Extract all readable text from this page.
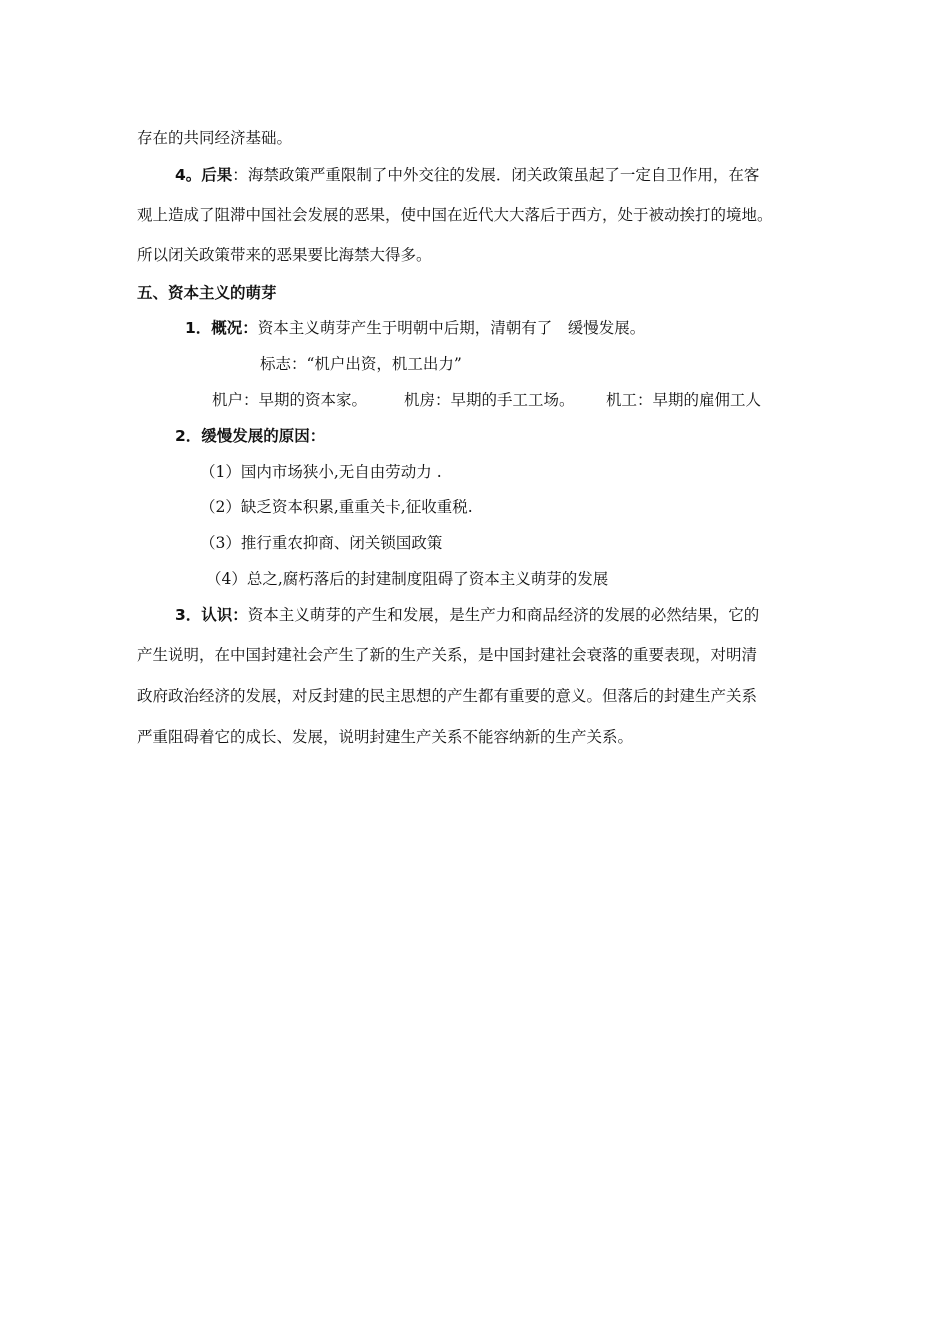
存在的共同经济基础。
4。后果：海禁政策严重限制了中外交往的发展．闭关政策虽起了一定自卫作用，在客
观上造成了阻滞中国社会发展的恶果，使中国在近代大大落后于西方，处于被动挨打的境地。
所以闭关政策带来的恶果要比海禁大得多。
五、资本主义的萌芽
1．概况：资本主义萌芽产生于明朝中后期，清朝有了　缓慢发展。
标志：“机户出资，机工出力”
机户：早期的资本家。 机房：早期的手工工场。 机工：早期的雇佣工人
2．缓慢发展的原因：
（1）国内市场狭小,无自由劳动力 .
（2）缺乏资本积累,重重关卡,征收重税.
（3）推行重农抑商、闭关锁国政策
（4）总之,腐朽落后的封建制度阻碍了资本主义萌芽的发展
3．认识：资本主义萌芽的产生和发展，是生产力和商品经济的发展的必然结果，它的
产生说明，在中国封建社会产生了新的生产关系，是中国封建社会衰落的重要表现，对明清
政府政治经济的发展，对反封建的民主思想的产生都有重要的意义。但落后的封建生产关系
严重阻碍着它的成长、发展，说明封建生产关系不能容纳新的生产关系。
